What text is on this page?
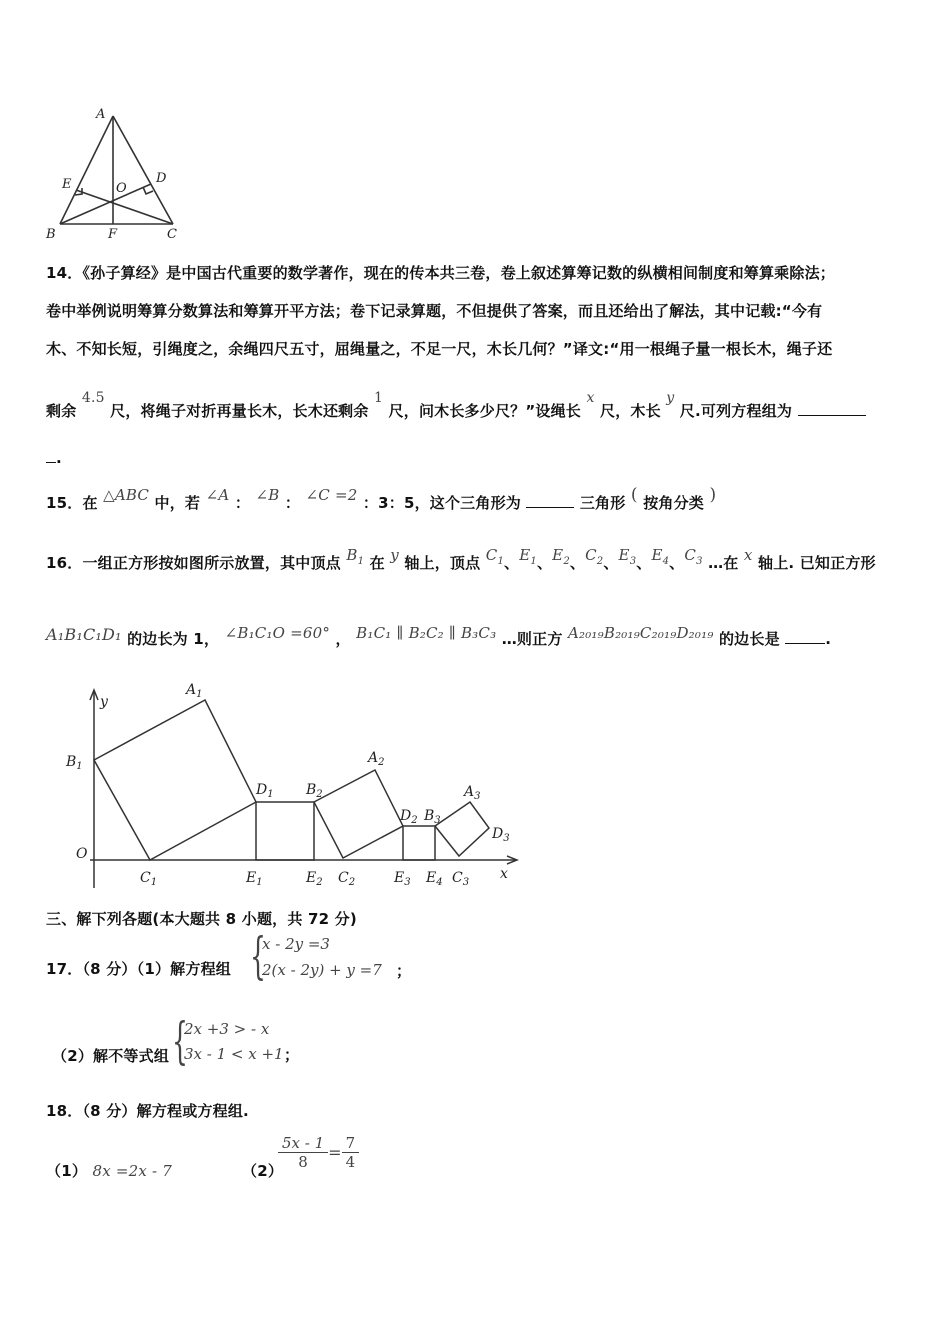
A
E	O
D
B	F	C
14．《孙子算经》是中国古代重要的数学著作，现在的传本共三卷，卷上叙述算筹记数的纵横相间制度和筹算乘除法；
卷中举例说明筹算分数算法和筹算开平方法；卷下记录算题，不但提供了答案，而且还给出了解法，其中记载:“今有
木、不知长短，引绳度之，余绳四尺五寸，屈绳量之，不足一尺，木长几何？”译文:“用一根绳子量一根长木，绳子还
剩余 $^{4.5}$ 尺，将绳子对折再量长木，长木还剩余 $^1$ 尺，问木长多少尺？”设绳长 $^x$ 尺，木长 $^y$ 尺.可列方程组为
.
15．在 △ABC 中，若 ∠A ： ∠B ： ∠C =2 ：3：5，这个三角形为	三角形 ( 按角分类 )
16．一组正方形按如图所示放置，其中顶点 $B_1$ 在 y 轴上，顶点 $C_1$、$E_1$、$E_2$、$C_2$、$E_3$、$E_4$、$C_3$ …在 x 轴上. 已知正方形
A₁B₁C₁D₁ 的边长为 1， ∠B₁C₁O =60° ， B₁C₁ ∥ B₂C₂ ∥ B₃C₃ …则正方 A₂₀₁₉B₂₀₁₉C₂₀₁₉D₂₀₁₉ 的边长是	.
y
x
O
$A_1$
$B_1$
$D_1$ $B_2$
$A_2$
$D_2$ $B_3$
$A_3$
$D_3$
$C_1$	$E_1$	$E_2$ $C_2$	$E_3$ $E_4$ $C_3$
三、解下列各题(本大题共 8 小题，共 72 分)
17．（8 分）（1）解方程组 {
x - 2y =3
2(x - 2y) + y =7 ；
（2）解不等式组 {
2x +3 > - x
3x - 1 < x +1 ；
18．（8 分）解方程或方程组.
（1） 8x =2x - 7	（2）
$\frac{5x - 1}{8} = \frac{7}{4}$
